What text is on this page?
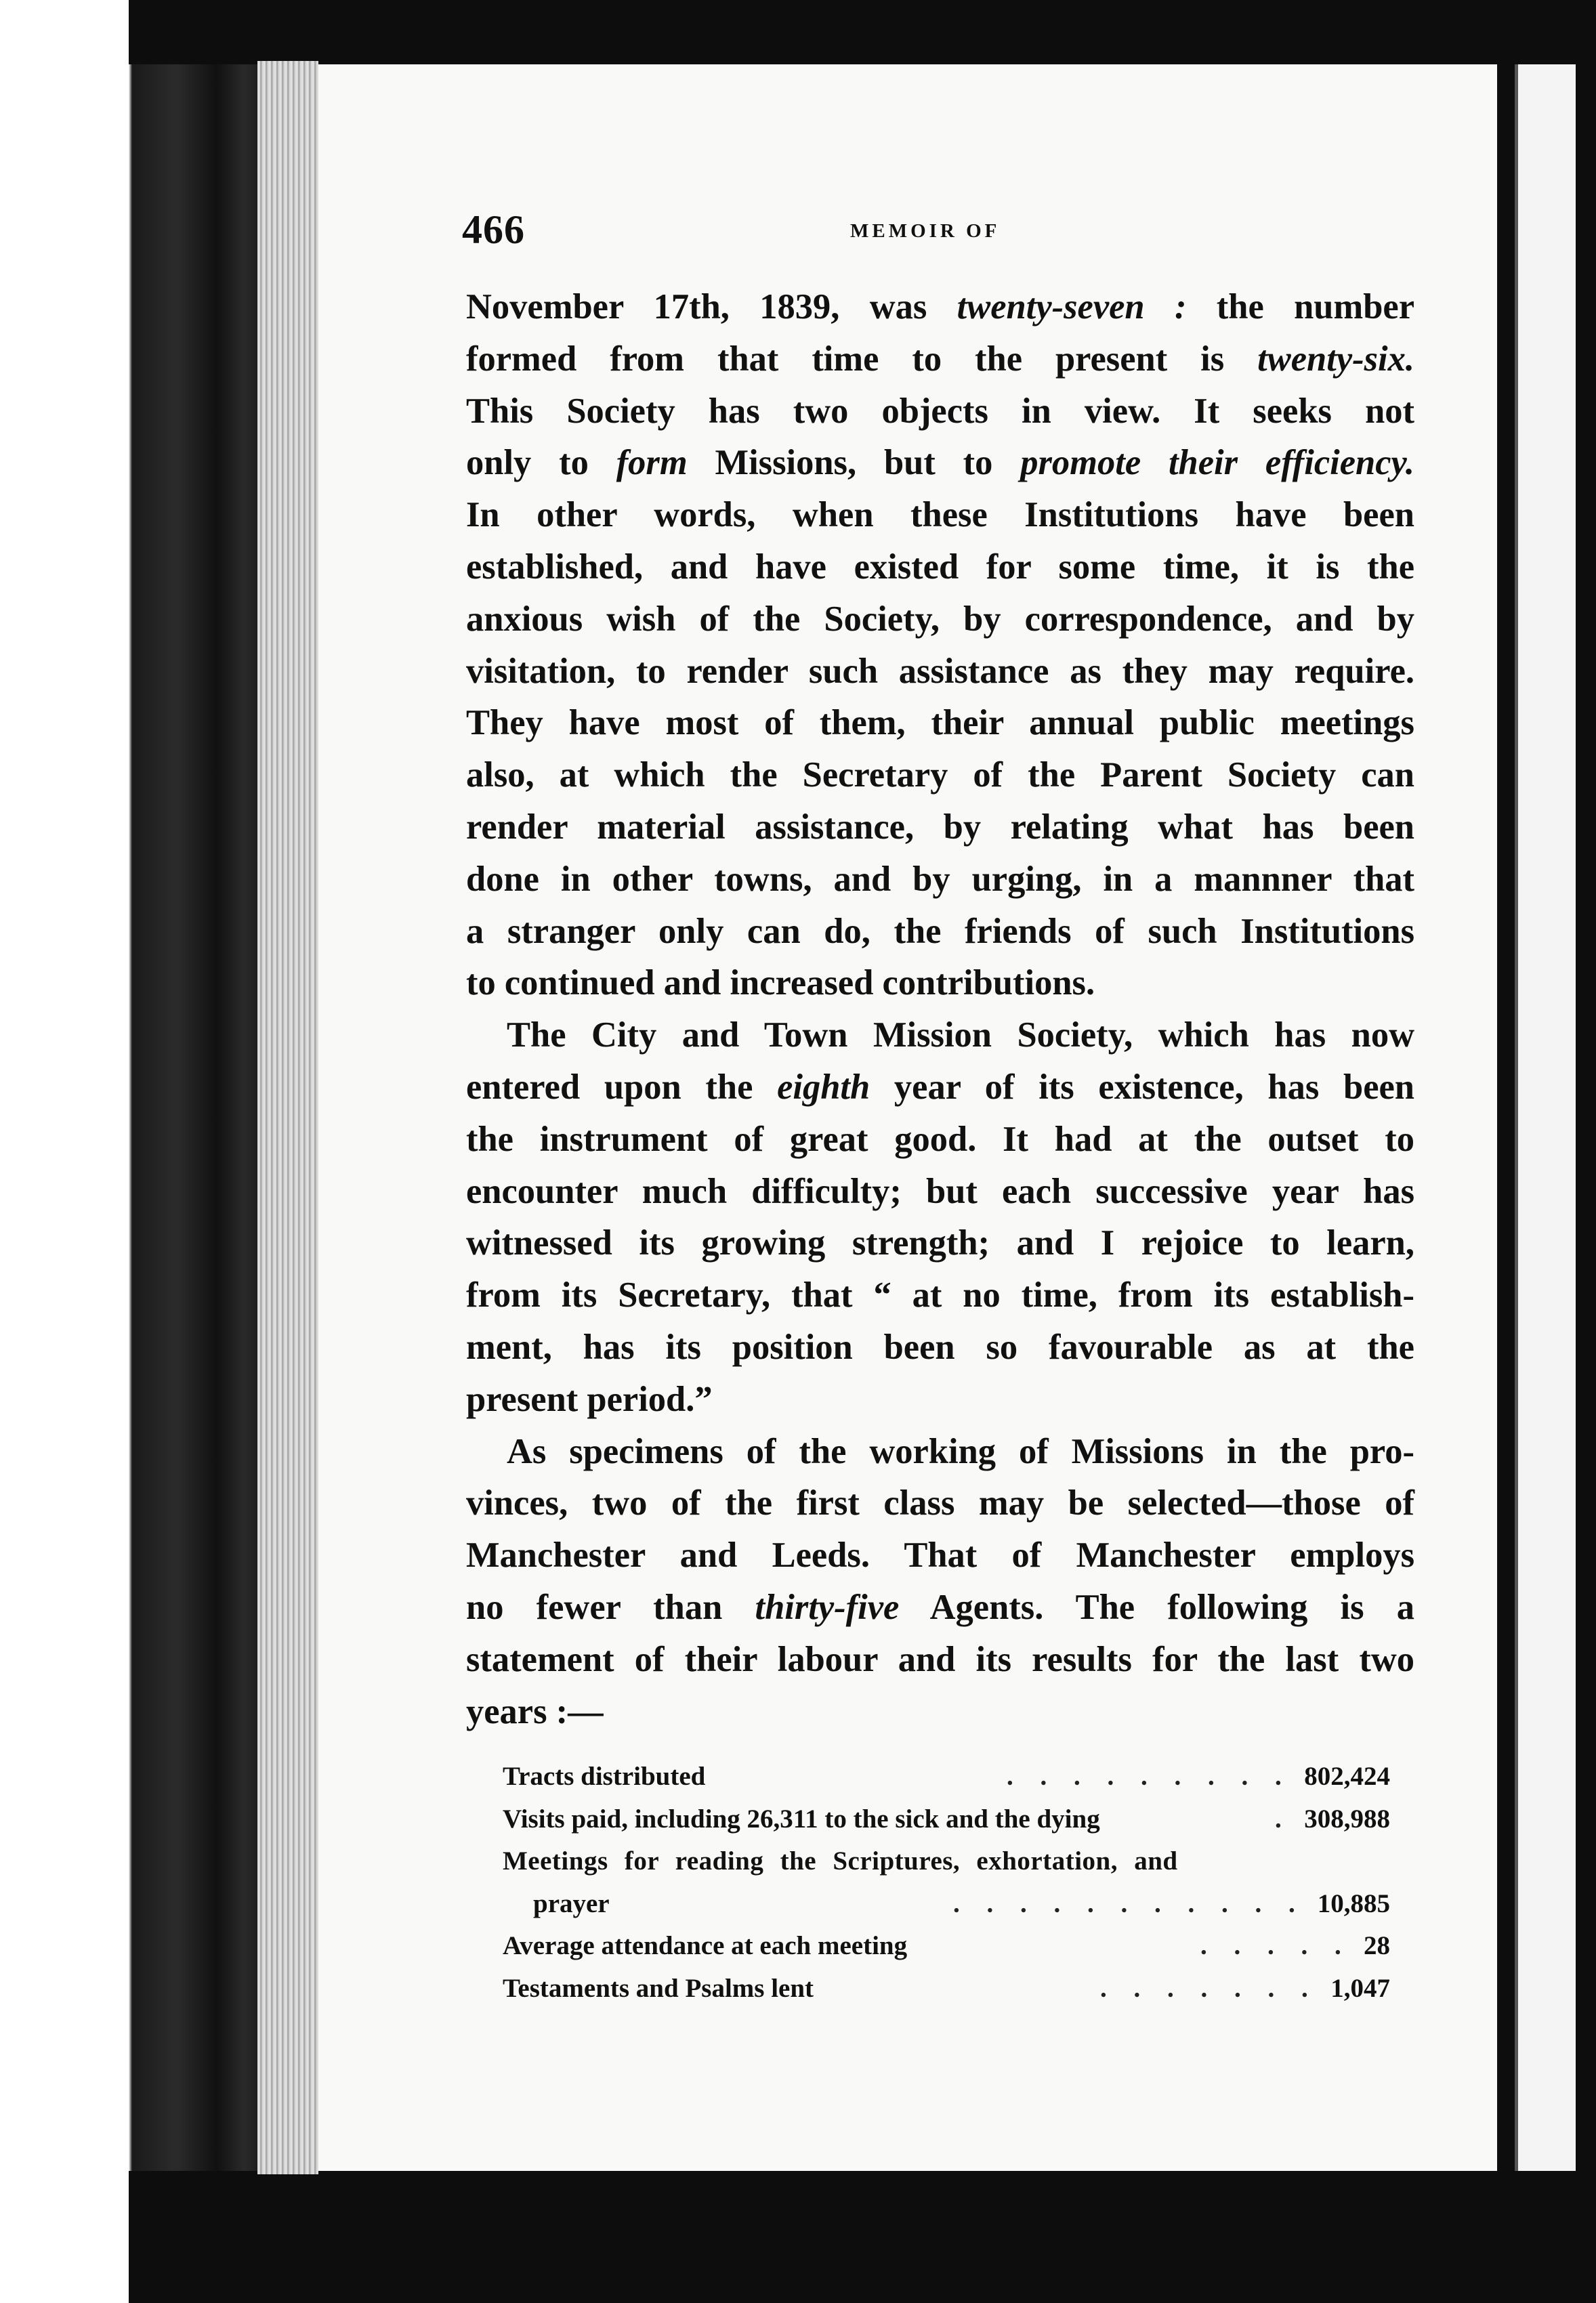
466	MEMOIR OF
November 17th, 1839, was twenty-seven : the number
formed from that time to the present is twenty-six.
This Society has two objects in view. It seeks not
only to form Missions, but to promote their efficiency.
In other words, when these Institutions have been
established, and have existed for some time, it is the
anxious wish of the Society, by correspondence, and by
visitation, to render such assistance as they may require.
They have most of them, their annual public meetings
also, at which the Secretary of the Parent Society can
render material assistance, by relating what has been
done in other towns, and by urging, in a mannner that
a stranger only can do, the friends of such Institutions
to continued and increased contributions.
The City and Town Mission Society, which has now
entered upon the eighth year of its existence, has been
the instrument of great good. It had at the outset to
encounter much difficulty; but each successive year has
witnessed its growing strength; and I rejoice to learn,
from its Secretary, that “ at no time, from its establish-
ment, has its position been so favourable as at the
present period.”
As specimens of the working of Missions in the pro-
vinces, two of the first class may be selected—those of
Manchester and Leeds. That of Manchester employs
no fewer than thirty-five Agents. The following is a
statement of their labour and its results for the last two
years :—
Tracts distributed	. . . . . . . . . 802,424
Visits paid, including 26,311 to the sick and the dying	. 308,988
Meetings for reading the Scriptures, exhortation, and
prayer	. . . . . . . . . . . 10,885
Average attendance at each meeting	. . . . . 28
Testaments and Psalms lent	. . . . . . . 1,047
